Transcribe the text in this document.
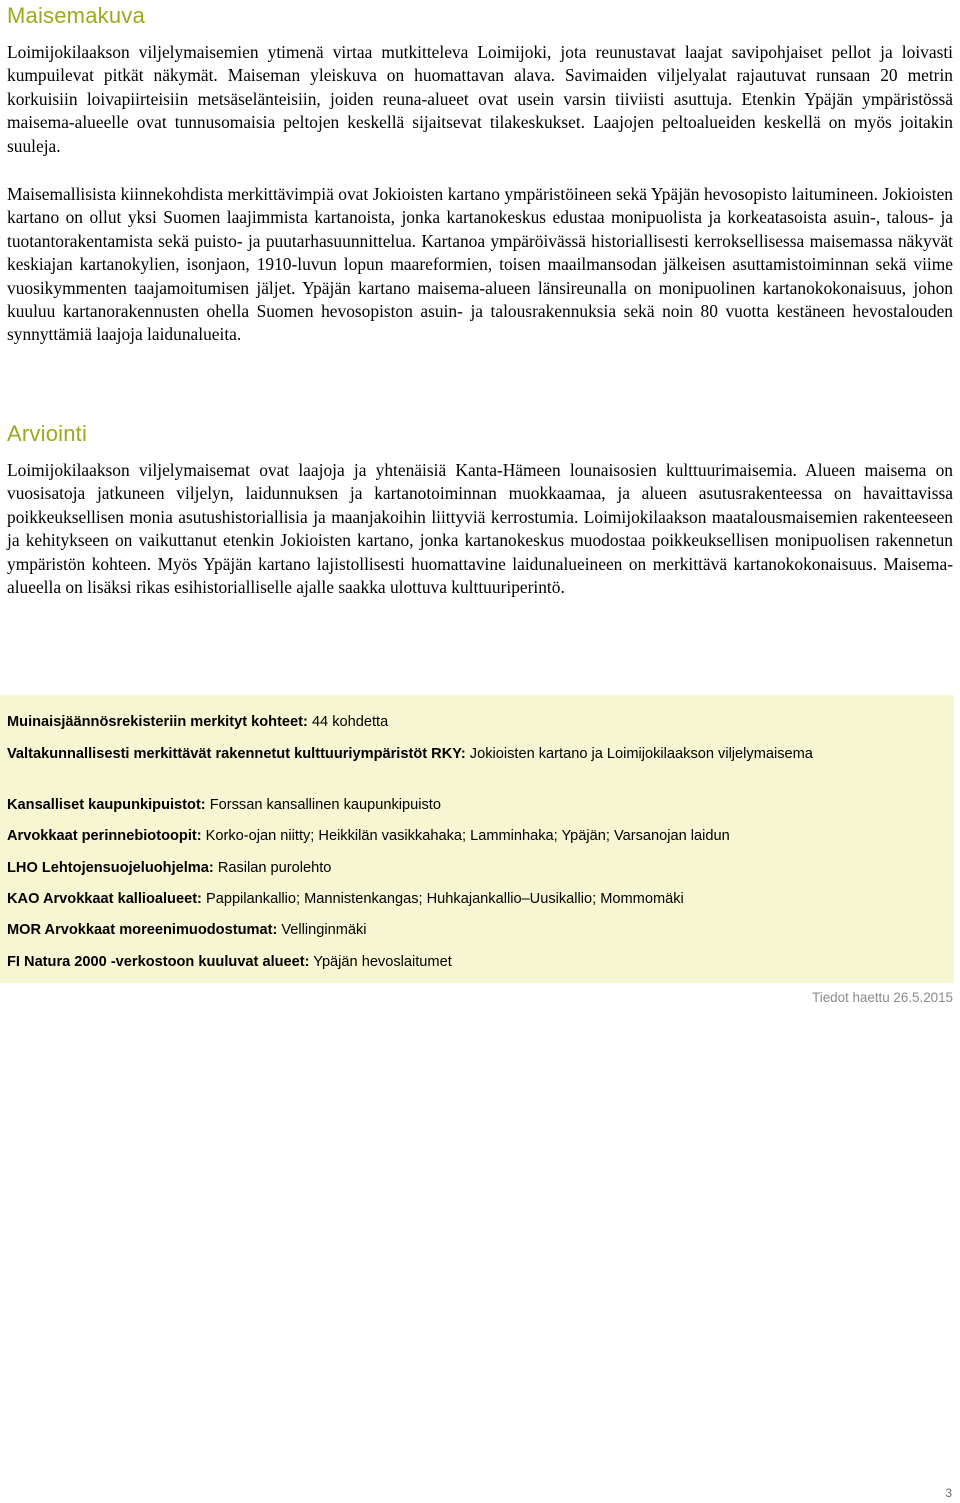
Maisemakuva

Loimijokilaakson viljelymaisemien ytimenä virtaa mutkitteleva Loimijoki, jota reunustavat laajat savipohjaiset pellot ja loivasti kumpuilevat pitkät näkymät. Maiseman yleiskuva on huomattavan alava. Savimaiden viljelyalat rajautuvat runsaan 20 metrin korkuisiin loivapiirteisiin metsäselänteisiin, joiden reuna-alueet ovat usein varsin tiiviisti asuttuja. Etenkin Ypäjän ympäristössä maisema-alueelle ovat tunnusomaisia peltojen keskellä sijaitsevat tilakeskukset. Laajojen peltoalueiden keskellä on myös joitakin suuleja.

Maisemallisista kiinnekohdista merkittävimpiä ovat Jokioisten kartano ympäristöineen sekä Ypäjän hevosopisto laitumineen. Jokioisten kartano on ollut yksi Suomen laajimmista kartanoista, jonka kartanokeskus edustaa monipuolista ja korkeatasoista asuin-, talous- ja tuotantorakentamista sekä puisto- ja puutarhasuunnittelua. Kartanoa ympäröivässä historiallisesti kerroksellisessa maisemassa näkyvät keskiajan kartanokylien, isonjaon, 1910-luvun lopun maareformien, toisen maailmansodan jälkeisen asuttamistoiminnan sekä viime vuosikymmenten taajamoitumisen jäljet. Ypäjän kartano maisema-alueen länsireunalla on monipuolinen kartanokokonaisuus, johon kuuluu kartanorakennusten ohella Suomen hevosopiston asuin- ja talousrakennuksia sekä noin 80 vuotta kestäneen hevostalouden synnyttämiä laajoja laidunalueita.

Arviointi

Loimijokilaakson viljelymaisemat ovat laajoja ja yhtenäisiä Kanta-Hämeen lounaisosien kulttuurimaisemia. Alueen maisema on vuosisatoja jatkuneen viljelyn, laidunnuksen ja kartanotoiminnan muokkaamaa, ja alueen asutusrakenteessa on havaittavissa poikkeuksellisen monia asutushistoriallisia ja maanjakoihin liittyviä kerrostumia. Loimijokilaakson maatalousmaisemien rakenteeseen ja kehitykseen on vaikuttanut etenkin Jokioisten kartano, jonka kartanokeskus muodostaa poikkeuksellisen monipuolisen rakennetun ympäristön kohteen. Myös Ypäjän kartano lajistollisesti huomattavine laidunalueineen on merkittävä kartanokokonaisuus. Maisema-alueella on lisäksi rikas esihistorialliselle ajalle saakka ulottuva kulttuuriperintö.

Muinaisjäännösrekisteriin merkityt kohteet: 44 kohdetta

Valtakunnallisesti merkittävät rakennetut kulttuuriympäristöt RKY: Jokioisten kartano ja Loimijokilaakson viljelymaisema

Kansalliset kaupunkipuistot: Forssan kansallinen kaupunkipuisto

Arvokkaat perinnebiotoopit: Korko-ojan niitty; Heikkilän vasikkahaka; Lamminhaka; Ypäjän; Varsanojan laidun

LHO Lehtojensuojeluohjelma: Rasilan purolehto

KAO Arvokkaat kallioalueet: Pappilankallio; Mannistenkangas; Huhkajankallio–Uusikallio; Mommomäki

MOR Arvokkaat moreenimuodostumat: Vellinginmäki

FI Natura 2000 -verkostoon kuuluvat alueet: Ypäjän hevoslaitumet

Tiedot haettu 26.5.2015

3
